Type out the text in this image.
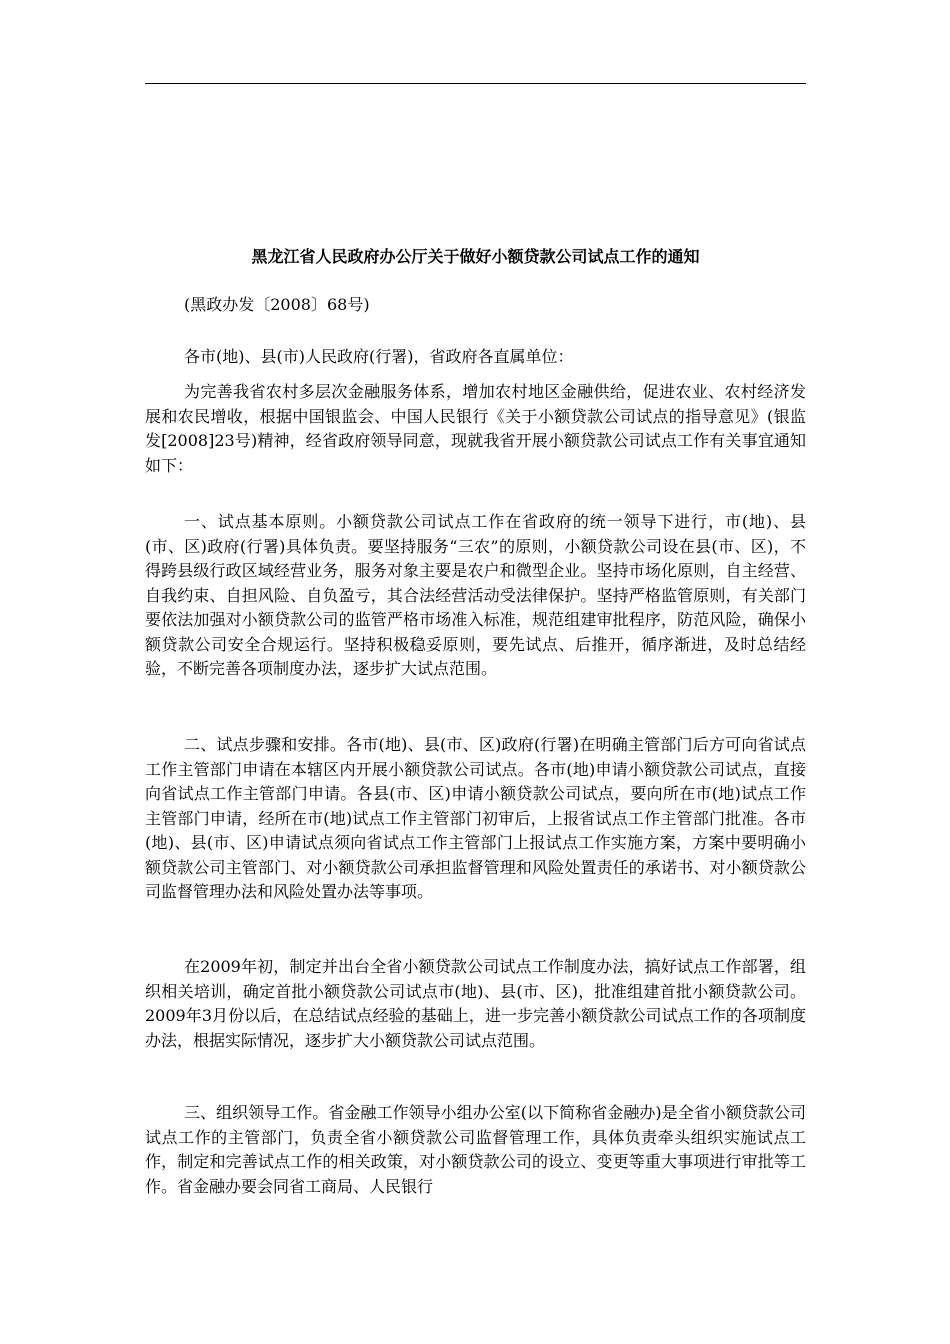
黑龙江省人民政府办公厅关于做好小额贷款公司试点工作的通知

(黑政办发〔2008〕68号)

各市(地)、县(市)人民政府(行署)，省政府各直属单位：

为完善我省农村多层次金融服务体系，增加农村地区金融供给，促进农业、农村经济发展和农民增收，根据中国银监会、中国人民银行《关于小额贷款公司试点的指导意见》(银监发[2008]23号)精神，经省政府领导同意，现就我省开展小额贷款公司试点工作有关事宜通知如下：

一、试点基本原则。小额贷款公司试点工作在省政府的统一领导下进行，市(地)、县(市、区)政府(行署)具体负责。要坚持服务“三农”的原则，小额贷款公司设在县(市、区)，不得跨县级行政区域经营业务，服务对象主要是农户和微型企业。坚持市场化原则，自主经营、自我约束、自担风险、自负盈亏，其合法经营活动受法律保护。坚持严格监管原则，有关部门要依法加强对小额贷款公司的监管严格市场准入标准，规范组建审批程序，防范风险，确保小额贷款公司安全合规运行。坚持积极稳妥原则，要先试点、后推开，循序渐进，及时总结经验，不断完善各项制度办法，逐步扩大试点范围。

二、试点步骤和安排。各市(地)、县(市、区)政府(行署)在明确主管部门后方可向省试点工作主管部门申请在本辖区内开展小额贷款公司试点。各市(地)申请小额贷款公司试点，直接向省试点工作主管部门申请。各县(市、区)申请小额贷款公司试点，要向所在市(地)试点工作主管部门申请，经所在市(地)试点工作主管部门初审后，上报省试点工作主管部门批准。各市(地)、县(市、区)申请试点须向省试点工作主管部门上报试点工作实施方案，方案中要明确小额贷款公司主管部门、对小额贷款公司承担监督管理和风险处置责任的承诺书、对小额贷款公司监督管理办法和风险处置办法等事项。

在2009年初，制定并出台全省小额贷款公司试点工作制度办法，搞好试点工作部署，组织相关培训，确定首批小额贷款公司试点市(地)、县(市、区)，批准组建首批小额贷款公司。2009年3月份以后，在总结试点经验的基础上，进一步完善小额贷款公司试点工作的各项制度办法，根据实际情况，逐步扩大小额贷款公司试点范围。

三、组织领导工作。省金融工作领导小组办公室(以下简称省金融办)是全省小额贷款公司试点工作的主管部门，负责全省小额贷款公司监督管理工作，具体负责牵头组织实施试点工作，制定和完善试点工作的相关政策，对小额贷款公司的设立、变更等重大事项进行审批等工作。省金融办要会同省工商局、人民银行
